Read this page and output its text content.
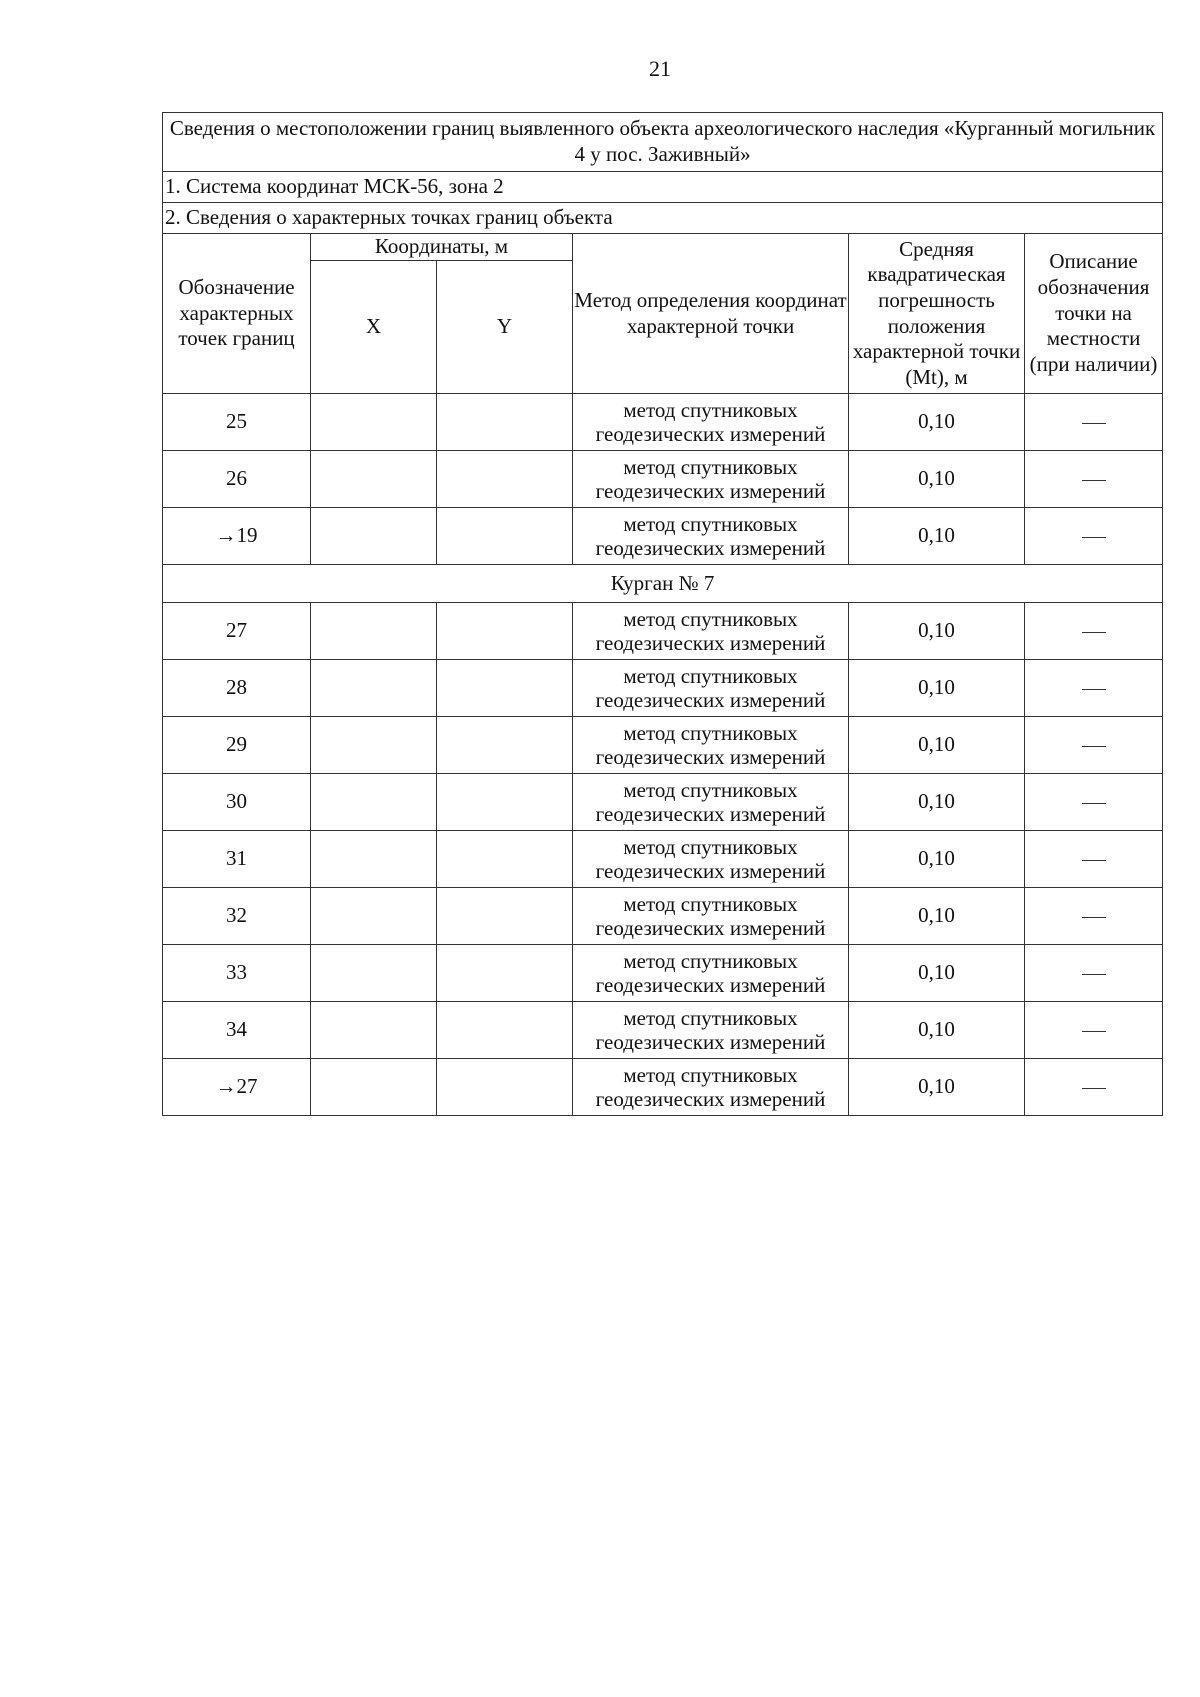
21
Сведения о местоположении границ выявленного объекта археологического наследия «Курганный могильник 4 у пос. Заживный»					
1. Система координат МСК-56, зона 2					
2. Сведения о характерных точках границ объекта					
Обозначение характерных точек границ	Координаты, м		Метод определения координат характерной точки	Средняя квадратическая погрешность положения характерной точки (Mt), м	Описание обозначения точки на местности (при наличии)
	X	Y			
25			метод спутниковых геодезических измерений	0,10	
26			метод спутниковых геодезических измерений	0,10	
→19			метод спутниковых геодезических измерений	0,10	
Курган № 7					
27			метод спутниковых геодезических измерений	0,10	
28			метод спутниковых геодезических измерений	0,10	
29			метод спутниковых геодезических измерений	0,10	
30			метод спутниковых геодезических измерений	0,10	
31			метод спутниковых геодезических измерений	0,10	
32			метод спутниковых геодезических измерений	0,10	
33			метод спутниковых геодезических измерений	0,10	
34			метод спутниковых геодезических измерений	0,10	
→27			метод спутниковых геодезических измерений	0,10	
